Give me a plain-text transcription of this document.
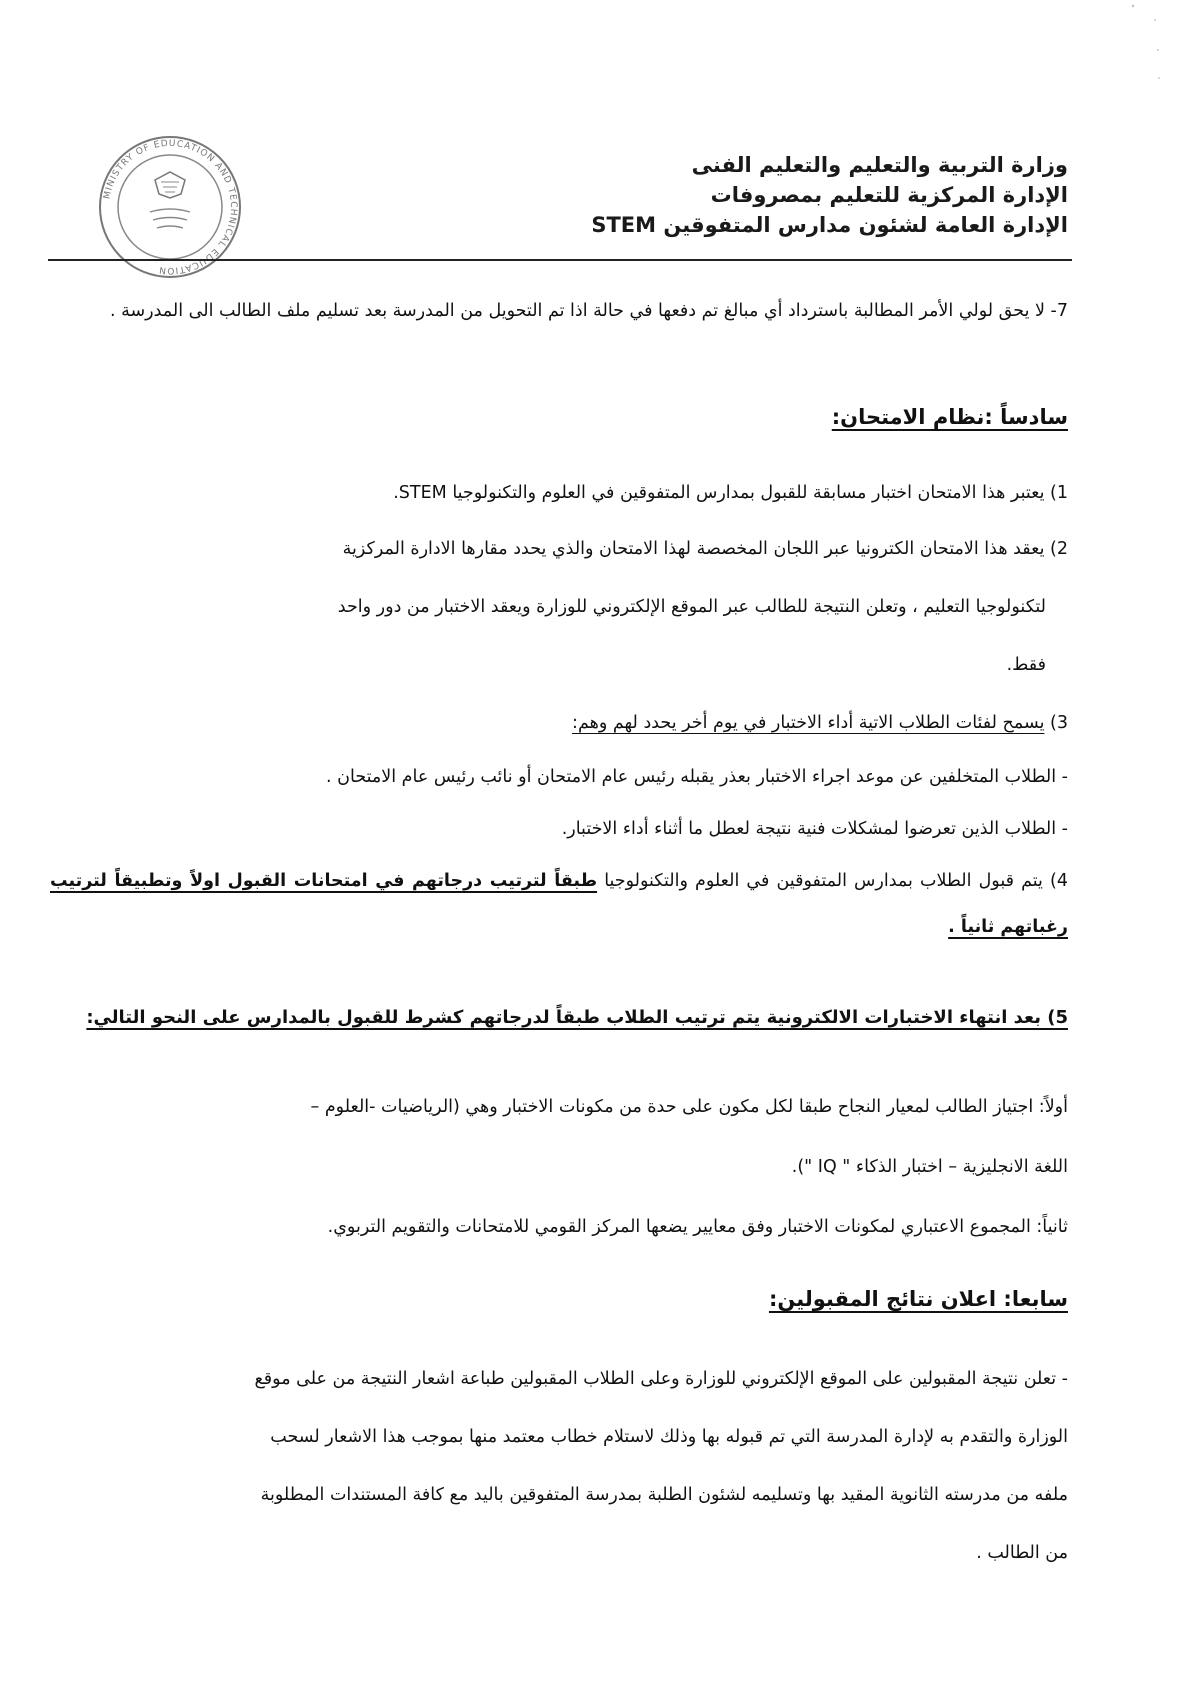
MINISTRY OF EDUCATION AND TECHNICAL EDUCATION
وزارة التربية والتعليم والتعليم الفنى
الإدارة المركزية للتعليم بمصروفات
الإدارة العامة لشئون مدارس المتفوقين STEM
7- لا يحق لولي الأمر المطالبة باسترداد أي مبالغ تم دفعها في حالة اذا تم التحويل من المدرسة بعد تسليم ملف الطالب الى المدرسة .
سادساً :نظام الامتحان:
1) يعتبر هذا الامتحان اختبار مسابقة للقبول بمدارس المتفوقين في العلوم والتكنولوجيا STEM.
2) يعقد هذا الامتحان الكترونيا عبر اللجان المخصصة لهذا الامتحان والذي يحدد مقارها الادارة المركزية
لتكنولوجيا التعليم ، وتعلن النتيجة للطالب عبر الموقع الإلكتروني للوزارة ويعقد الاختبار من دور واحد
فقط.
3) يسمح لفئات الطلاب الاتية أداء الاختبار في يوم أخر يحدد لهم وهم:
- الطلاب المتخلفين عن موعد اجراء الاختبار بعذر يقبله رئيس عام الامتحان أو نائب رئيس عام الامتحان .
- الطلاب الذين تعرضوا لمشكلات فنية نتيجة لعطل ما أثناء أداء الاختبار.
4) يتم قبول الطلاب بمدارس المتفوقين في العلوم والتكنولوجيا طبقاً لترتيب درجاتهم في امتحانات القبول اولاً وتطبيقاً لترتيب رغباتهم ثانياً .
5) بعد انتهاء الاختبارات الالكترونية يتم ترتيب الطلاب طبقاً لدرجاتهم كشرط للقبول بالمدارس على النحو التالي:
أولاً: اجتياز الطالب لمعيار النجاح طبقا لكل مكون على حدة من مكونات الاختبار وهي (الرياضيات -العلوم –
اللغة الانجليزية – اختبار الذكاء " IQ ").
ثانياً: المجموع الاعتباري لمكونات الاختبار وفق معايير يضعها المركز القومي للامتحانات والتقويم التربوي.
سابعا: اعلان نتائج المقبولين:
- تعلن نتيجة المقبولين على الموقع الإلكتروني للوزارة وعلى الطلاب المقبولين طباعة اشعار النتيجة من على موقع
الوزارة والتقدم به لإدارة المدرسة التي تم قبوله بها وذلك لاستلام خطاب معتمد منها بموجب هذا الاشعار لسحب
ملفه من مدرسته الثانوية المقيد بها وتسليمه لشئون الطلبة بمدرسة المتفوقين باليد مع كافة المستندات المطلوبة
من الطالب .
